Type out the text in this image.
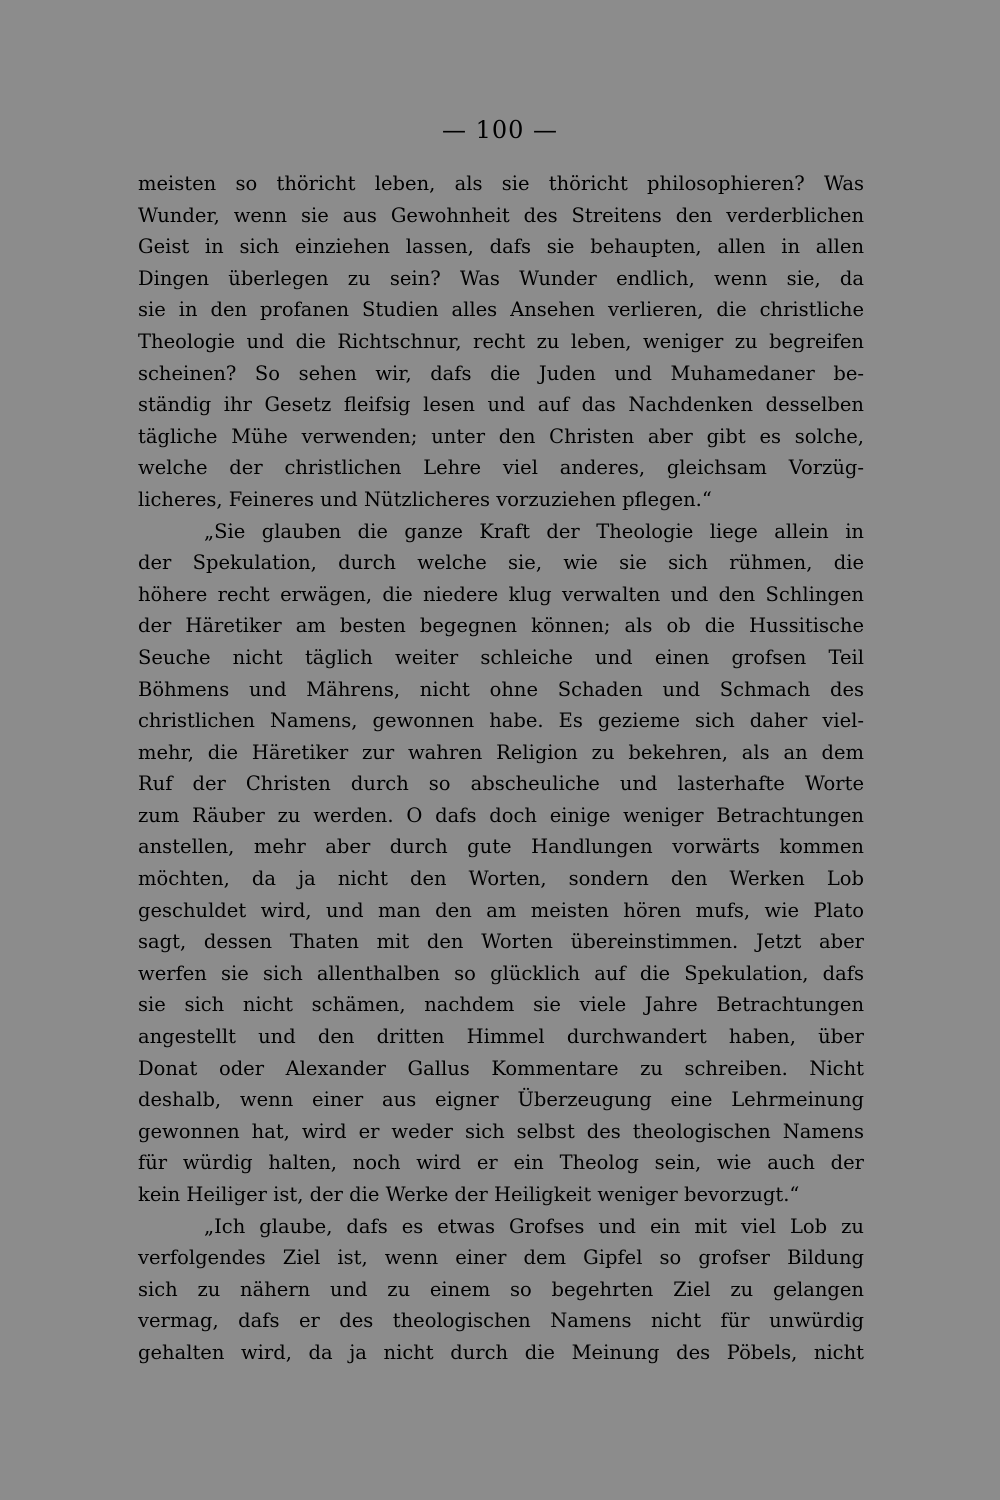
— 100 —
meisten so thöricht leben, als sie thöricht philosophieren? Was
Wunder, wenn sie aus Gewohnheit des Streitens den verderblichen
Geist in sich einziehen lassen, dafs sie behaupten, allen in allen
Dingen überlegen zu sein? Was Wunder endlich, wenn sie, da
sie in den profanen Studien alles Ansehen verlieren, die christliche
Theologie und die Richtschnur, recht zu leben, weniger zu begreifen
scheinen? So sehen wir, dafs die Juden und Muhamedaner be-
ständig ihr Gesetz fleifsig lesen und auf das Nachdenken desselben
tägliche Mühe verwenden; unter den Christen aber gibt es solche,
welche der christlichen Lehre viel anderes, gleichsam Vorzüg-
licheres, Feineres und Nützlicheres vorzuziehen pflegen.“
„Sie glauben die ganze Kraft der Theologie liege allein in
der Spekulation, durch welche sie, wie sie sich rühmen, die
höhere recht erwägen, die niedere klug verwalten und den Schlingen
der Häretiker am besten begegnen können; als ob die Hussitische
Seuche nicht täglich weiter schleiche und einen grofsen Teil
Böhmens und Mährens, nicht ohne Schaden und Schmach des
christlichen Namens, gewonnen habe. Es gezieme sich daher viel-
mehr, die Häretiker zur wahren Religion zu bekehren, als an dem
Ruf der Christen durch so abscheuliche und lasterhafte Worte
zum Räuber zu werden. O dafs doch einige weniger Betrachtungen
anstellen, mehr aber durch gute Handlungen vorwärts kommen
möchten, da ja nicht den Worten, sondern den Werken Lob
geschuldet wird, und man den am meisten hören mufs, wie Plato
sagt, dessen Thaten mit den Worten übereinstimmen. Jetzt aber
werfen sie sich allenthalben so glücklich auf die Spekulation, dafs
sie sich nicht schämen, nachdem sie viele Jahre Betrachtungen
angestellt und den dritten Himmel durchwandert haben, über
Donat oder Alexander Gallus Kommentare zu schreiben. Nicht
deshalb, wenn einer aus eigner Überzeugung eine Lehrmeinung
gewonnen hat, wird er weder sich selbst des theologischen Namens
für würdig halten, noch wird er ein Theolog sein, wie auch der
kein Heiliger ist, der die Werke der Heiligkeit weniger bevorzugt.“
„Ich glaube, dafs es etwas Grofses und ein mit viel Lob zu
verfolgendes Ziel ist, wenn einer dem Gipfel so grofser Bildung
sich zu nähern und zu einem so begehrten Ziel zu gelangen
vermag, dafs er des theologischen Namens nicht für unwürdig
gehalten wird, da ja nicht durch die Meinung des Pöbels, nicht
